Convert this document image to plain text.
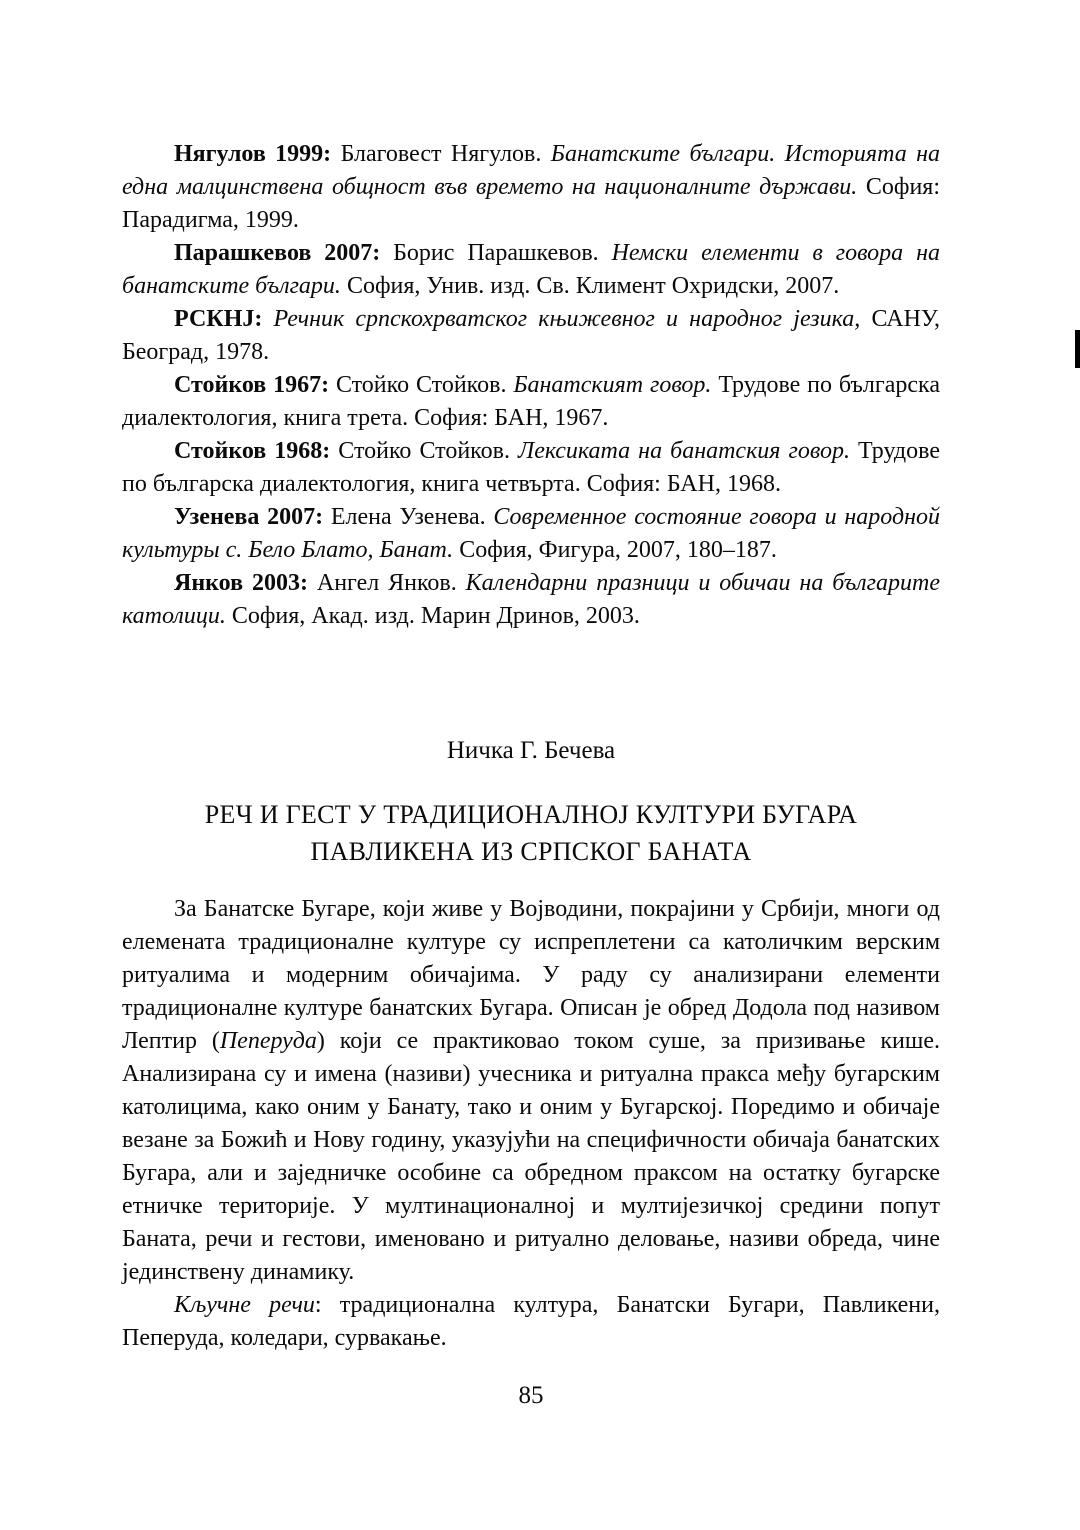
Нягулов 1999: Благовест Нягулов. Банатските българи. Историята на една малцинствена общност във времето на националните държави. София: Парадигма, 1999.

Парашкевов 2007: Борис Парашкевов. Немски елементи в говора на банатските българи. София, Унив. изд. Св. Климент Охридски, 2007.

РСКНЈ: Речник српскохрватског књижевног и народног језика, САНУ, Београд, 1978.

Стойков 1967: Стойко Стойков. Банатският говор. Трудове по българска диалектология, книга трета. София: БАН, 1967.

Стойков 1968: Стойко Стойков. Лексиката на банатския говор. Трудове по българска диалектология, книга четвърта. София: БАН, 1968.

Узенева 2007: Елена Узенева. Современное состояние говора и народной культуры с. Бело Блато, Банат. София, Фигура, 2007, 180–187.

Янков 2003: Ангел Янков. Календарни празници и обичаи на българите католици. София, Акад. изд. Марин Дринов, 2003.

Ничка Г. Бечева
РЕЧ И ГЕСТ У ТРАДИЦИОНАЛНОЈ КУЛТУРИ БУГАРА
ПАВЛИКЕНА ИЗ СРПСКОГ БАНАТА

За Банатске Бугаре, који живе у Војводини, покрајини у Србији, многи од елемената традиционалне културе су испреплетени са католичким верским ритуалима и модерним обичајима. У раду су анализирани елементи традиционалне културе банатских Бугара. Описан је обред Додола под називом Лептир (Пеперуда) који се практиковао током суше, за призивање кише. Анализирана су и имена (називи) учесника и ритуална пракса међу бугарским католицима, како оним у Банату, тако и оним у Бугарској. Поредимо и обичаје везане за Божић и Нову годину, указујући на специфичности обичаја банатских Бугара, али и заједничке особине са обредном праксом на остатку бугарске етничке територије. У мултинационалној и мултијезичкој средини попут Баната, речи и гестови, именовано и ритуално деловање, називи обреда, чине јединствену динамику.

Кључне речи: традиционална култура, Банатски Бугари, Павликени, Пеперуда, коледари, сурвакање.

85
